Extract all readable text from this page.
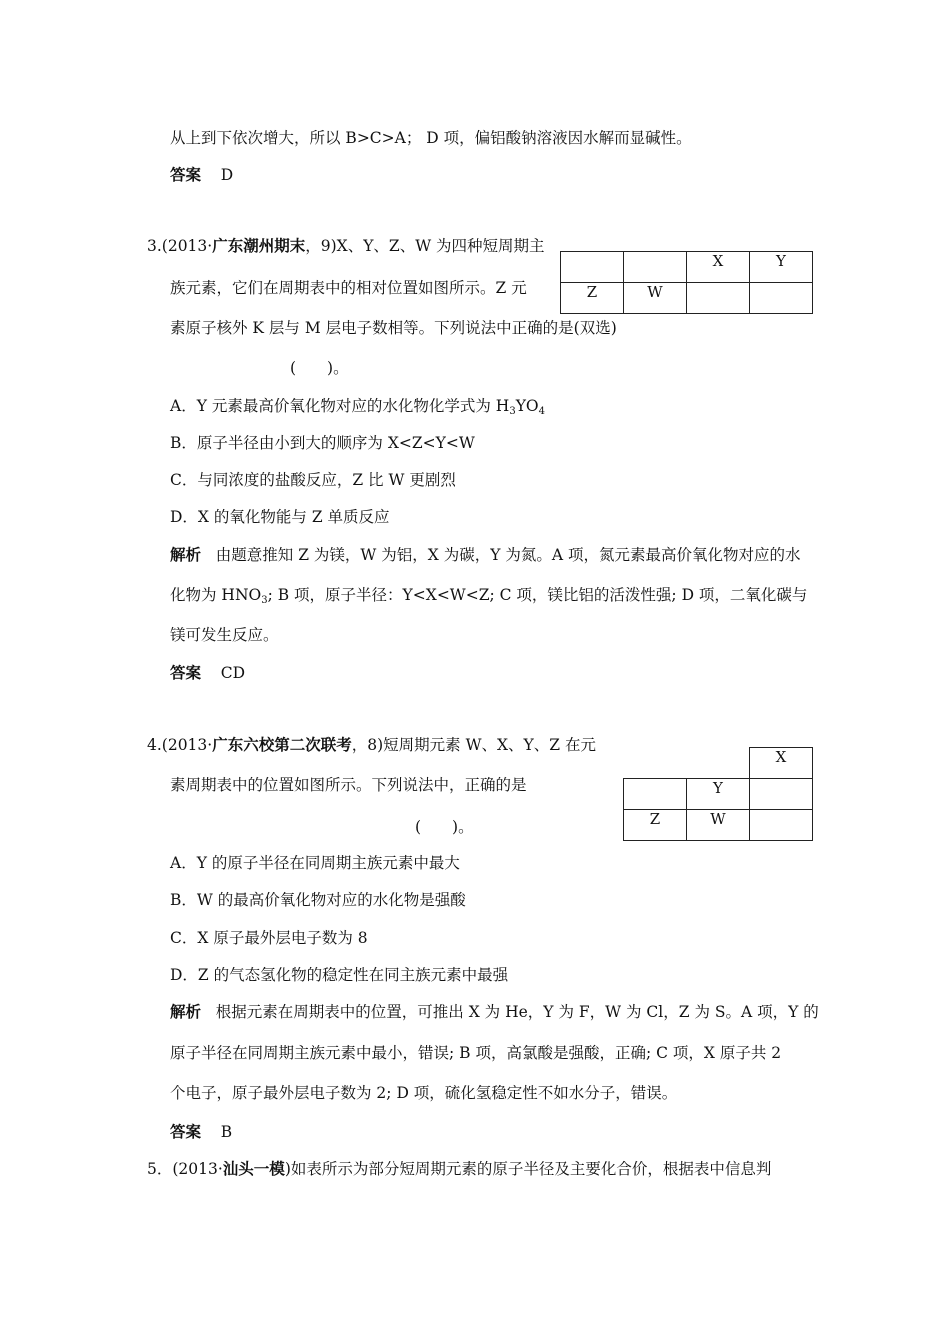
从上到下依次增大，所以 B>C>A； D 项，偏铝酸钠溶液因水解而显碱性。
答案 D
3.(2013·广东潮州期末，9)X、Y、Z、W 为四种短周期主
族元素，它们在周期表中的相对位置如图所示。Z 元
素原子核外 K 层与 M 层电子数相等。下列说法中正确的是(双选)
(　　)。
		X	Y
Z	W		
A．Y 元素最高价氧化物对应的水化物化学式为 $H_3YO_4$
B．原子半径由小到大的顺序为 X<Z<Y<W
C．与同浓度的盐酸反应，Z 比 W 更剧烈
D．X 的氧化物能与 Z 单质反应
解析 由题意推知 Z 为镁，W 为铝，X 为碳，Y 为氮。A 项，氮元素最高价氧化物对应的水
化物为 $HNO_3$; B 项，原子半径：Y<X<W<Z; C 项，镁比铝的活泼性强; D 项，二氧化碳与
镁可发生反应。
答案 CD
4.(2013·广东六校第二次联考，8)短周期元素 W、X、Y、Z 在元
素周期表中的位置如图所示。下列说法中，正确的是
(　　)。
		X
	Y	
Z	W	
A．Y 的原子半径在同周期主族元素中最大
B．W 的最高价氧化物对应的水化物是强酸
C．X 原子最外层电子数为 8
D．Z 的气态氢化物的稳定性在同主族元素中最强
解析 根据元素在周期表中的位置，可推出 X 为 He，Y 为 F，W 为 Cl，Z 为 S。A 项，Y 的
原子半径在同周期主族元素中最小，错误; B 项，高氯酸是强酸，正确; C 项，X 原子共 2
个电子，原子最外层电子数为 2; D 项，硫化氢稳定性不如水分子，错误。
答案 B
5．(2013·汕头一模)如表所示为部分短周期元素的原子半径及主要化合价，根据表中信息判
